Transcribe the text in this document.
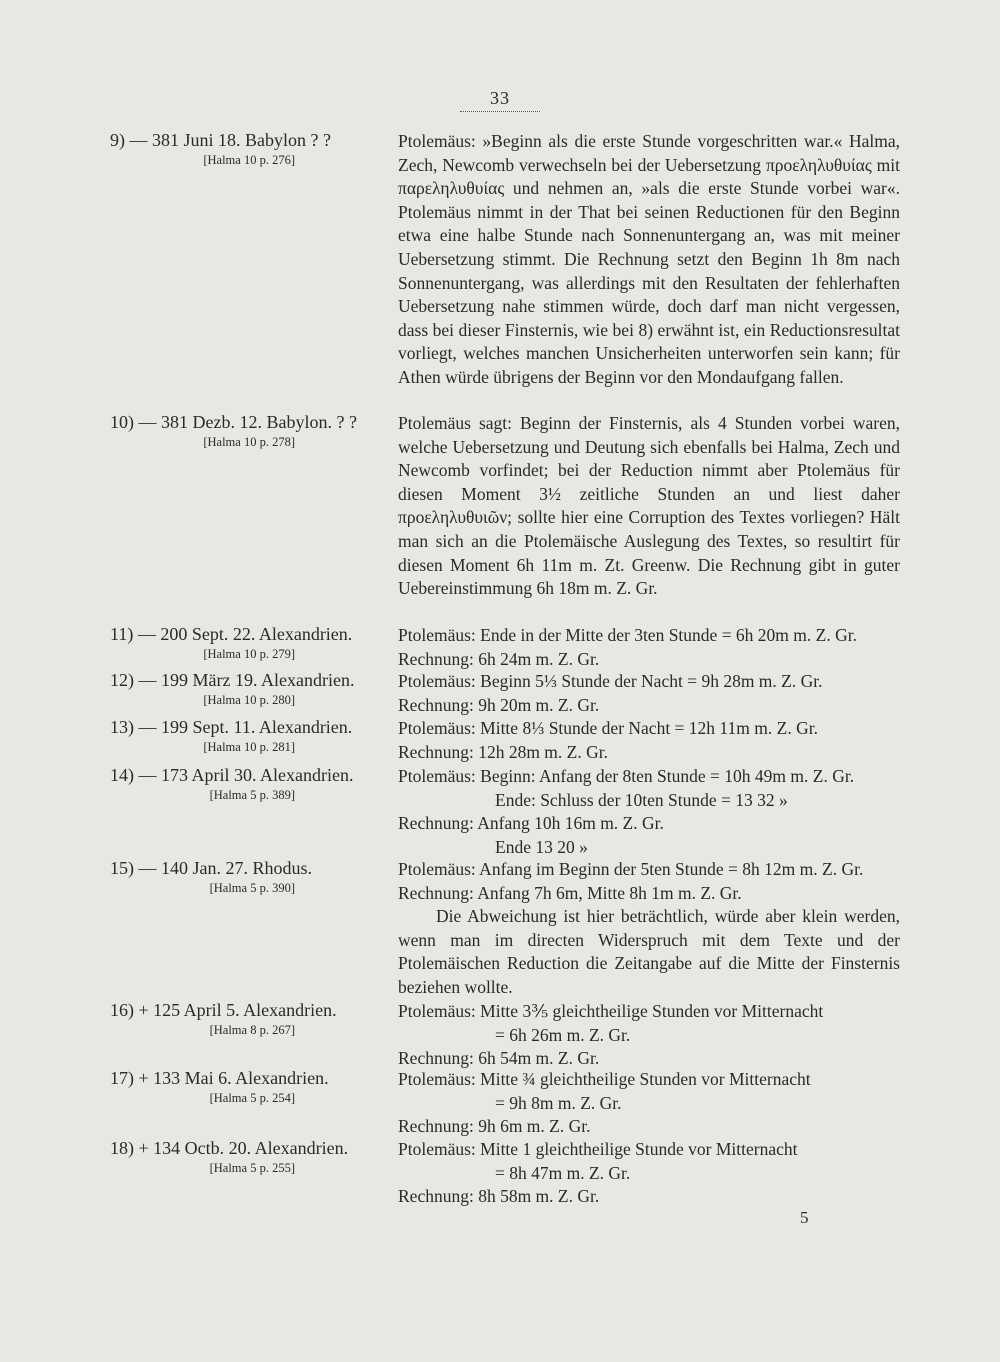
33
9) — 381 Juni 18. Babylon ? ?
[Halma 10 p. 276]

Ptolemäus: »Beginn als die erste Stunde vorgeschritten war.« Halma, Zech, Newcomb verwechseln bei der Uebersetzung προεληλυθυίας mit παρεληλυθυίας und nehmen an, »als die erste Stunde vorbei war«. Ptolemäus nimmt in der That bei seinen Reductionen für den Beginn etwa eine halbe Stunde nach Sonnenuntergang an, was mit meiner Uebersetzung stimmt. Die Rechnung setzt den Beginn 1h 8m nach Sonnenuntergang, was allerdings mit den Resultaten der fehlerhaften Uebersetzung nahe stimmen würde, doch darf man nicht vergessen, dass bei dieser Finsternis, wie bei 8) erwähnt ist, ein Reductionsresultat vorliegt, welches manchen Unsicherheiten unterworfen sein kann; für Athen würde übrigens der Beginn vor den Mondaufgang fallen.

10) — 381 Dezb. 12. Babylon. ? ?
[Halma 10 p. 278]

Ptolemäus sagt: Beginn der Finsternis, als 4 Stunden vorbei waren, welche Uebersetzung und Deutung sich ebenfalls bei Halma, Zech und Newcomb vorfindet; bei der Reduction nimmt aber Ptolemäus für diesen Moment 3½ zeitliche Stunden an und liest daher προεληλυθυιῶν; sollte hier eine Corruption des Textes vorliegen? Hält man sich an die Ptolemäische Auslegung des Textes, so resultirt für diesen Moment 6h 11m m. Zt. Greenw. Die Rechnung gibt in guter Uebereinstimmung 6h 18m m. Z. Gr.

11) — 200 Sept. 22. Alexandrien.
[Halma 10 p. 279]
Ptolemäus: Ende in der Mitte der 3ten Stunde = 6h 20m m. Z. Gr.
Rechnung: 6h 24m m. Z. Gr.
12) — 199 März 19. Alexandrien.
[Halma 10 p. 280]
Ptolemäus: Beginn 5⅓ Stunde der Nacht = 9h 28m m. Z. Gr.
Rechnung: 9h 20m m. Z. Gr.
13) — 199 Sept. 11. Alexandrien.
[Halma 10 p. 281]
Ptolemäus: Mitte 8⅓ Stunde der Nacht = 12h 11m m. Z. Gr.
Rechnung: 12h 28m m. Z. Gr.
14) — 173 April 30. Alexandrien.
[Halma 5 p. 389]
Ptolemäus: Beginn: Anfang der 8ten Stunde = 10h 49m m. Z. Gr.
Ende: Schluss der 10ten Stunde = 13 32 »
Rechnung: Anfang 10h 16m m. Z. Gr.
Ende 13 20 »
15) — 140 Jan. 27. Rhodus.
[Halma 5 p. 390]
Ptolemäus: Anfang im Beginn der 5ten Stunde = 8h 12m m. Z. Gr.
Rechnung: Anfang 7h 6m, Mitte 8h 1m m. Z. Gr.

Die Abweichung ist hier beträchtlich, würde aber klein werden, wenn man im directen Widerspruch mit dem Texte und der Ptolemäischen Reduction die Zeitangabe auf die Mitte der Finsternis beziehen wollte.

16) + 125 April 5. Alexandrien.
[Halma 8 p. 267]
Ptolemäus: Mitte 3⅗ gleichtheilige Stunden vor Mitternacht
= 6h 26m m. Z. Gr.
Rechnung: 6h 54m m. Z. Gr.
17) + 133 Mai 6. Alexandrien.
[Halma 5 p. 254]
Ptolemäus: Mitte ¾ gleichtheilige Stunden vor Mitternacht
= 9h 8m m. Z. Gr.
Rechnung: 9h 6m m. Z. Gr.
18) + 134 Octb. 20. Alexandrien.
[Halma 5 p. 255]
Ptolemäus: Mitte 1 gleichtheilige Stunde vor Mitternacht
= 8h 47m m. Z. Gr.
Rechnung: 8h 58m m. Z. Gr.
5
